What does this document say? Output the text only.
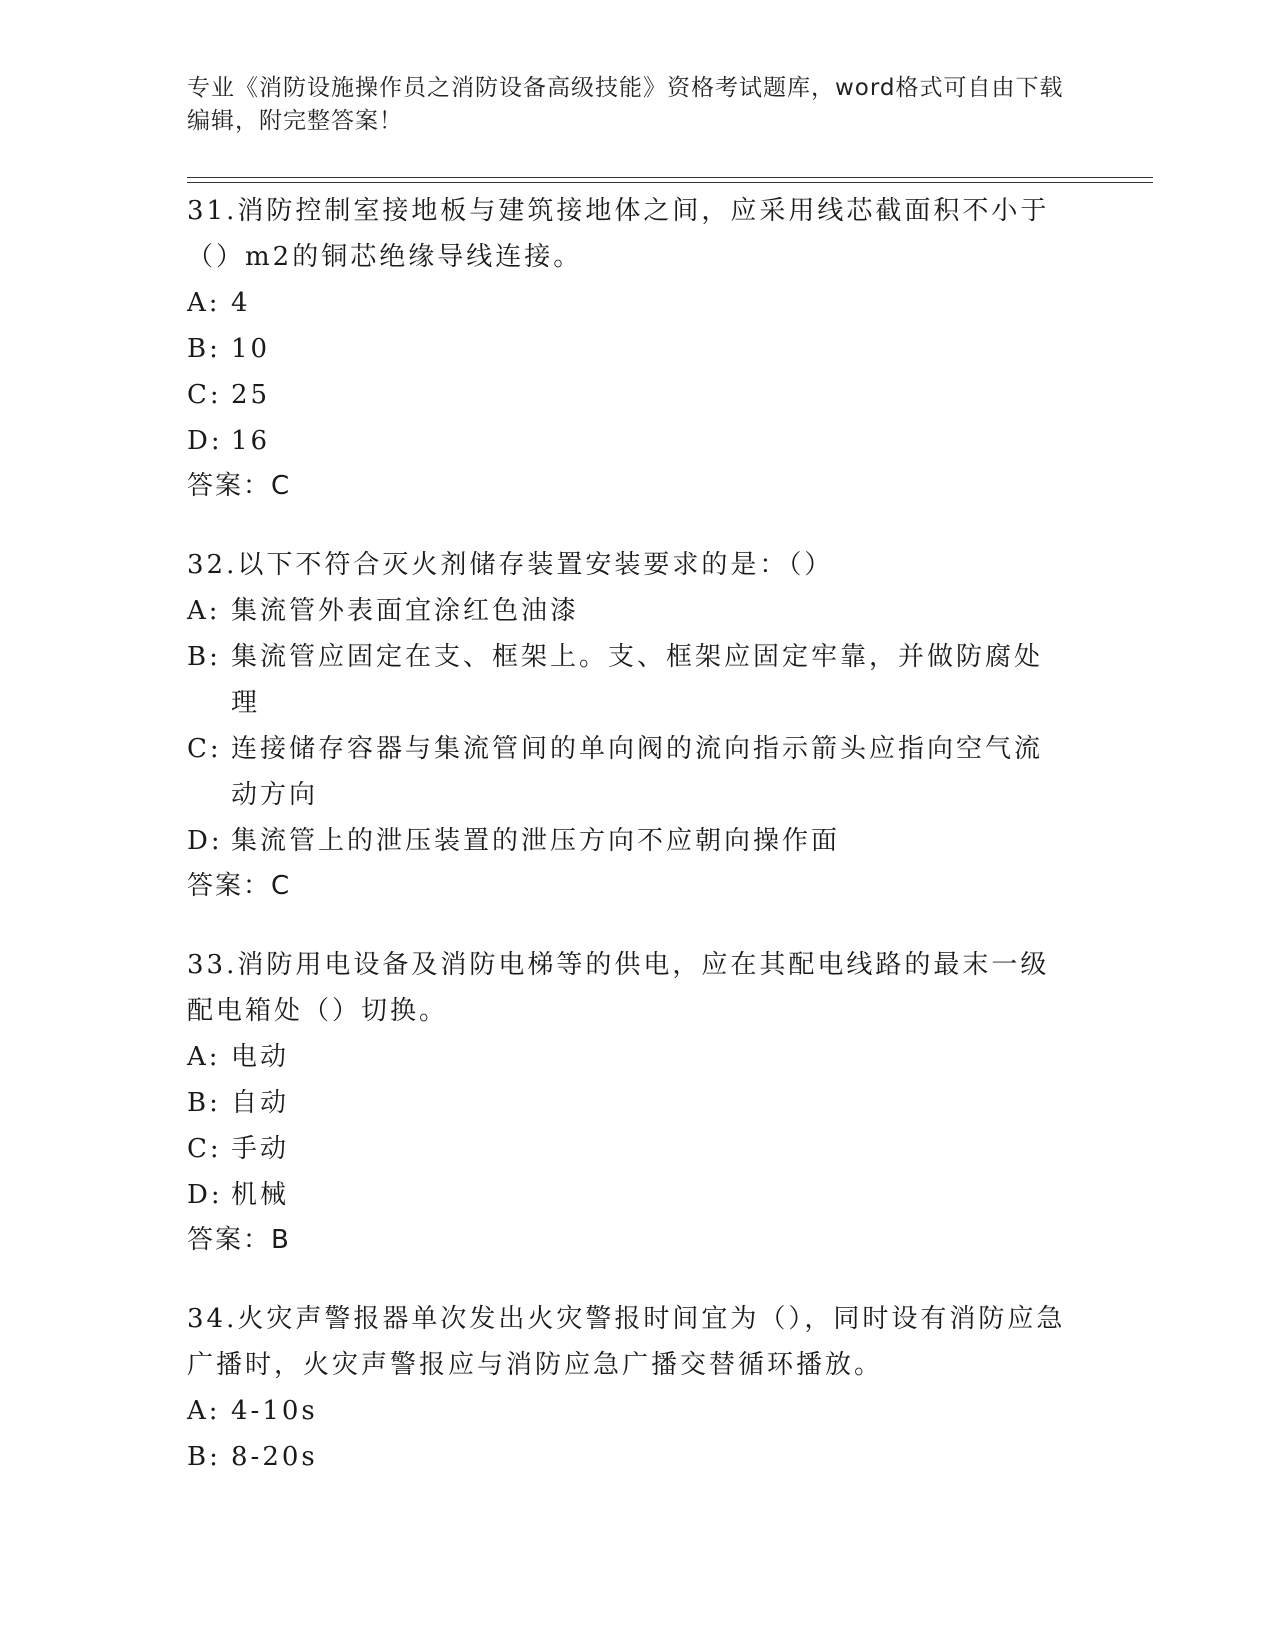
专业《消防设施操作员之消防设备高级技能》资格考试题库，word格式可自由下载编辑，附完整答案！

31.消防控制室接地板与建筑接地体之间，应采用线芯截面积不小于（）m2的铜芯绝缘导线连接。

A: 4
B: 10
C: 25
D: 16

答案：C

32.以下不符合灭火剂储存装置安装要求的是：（）

A: 集流管外表面宜涂红色油漆
B: 集流管应固定在支、框架上。支、框架应固定牢靠，并做防腐处理
C: 连接储存容器与集流管间的单向阀的流向指示箭头应指向空气流动方向
D: 集流管上的泄压装置的泄压方向不应朝向操作面

答案：C

33.消防用电设备及消防电梯等的供电，应在其配电线路的最末一级配电箱处（）切换。

A: 电动
B: 自动
C: 手动
D: 机械

答案：B

34.火灾声警报器单次发出火灾警报时间宜为（），同时设有消防应急广播时，火灾声警报应与消防应急广播交替循环播放。

A: 4-10s
B: 8-20s
